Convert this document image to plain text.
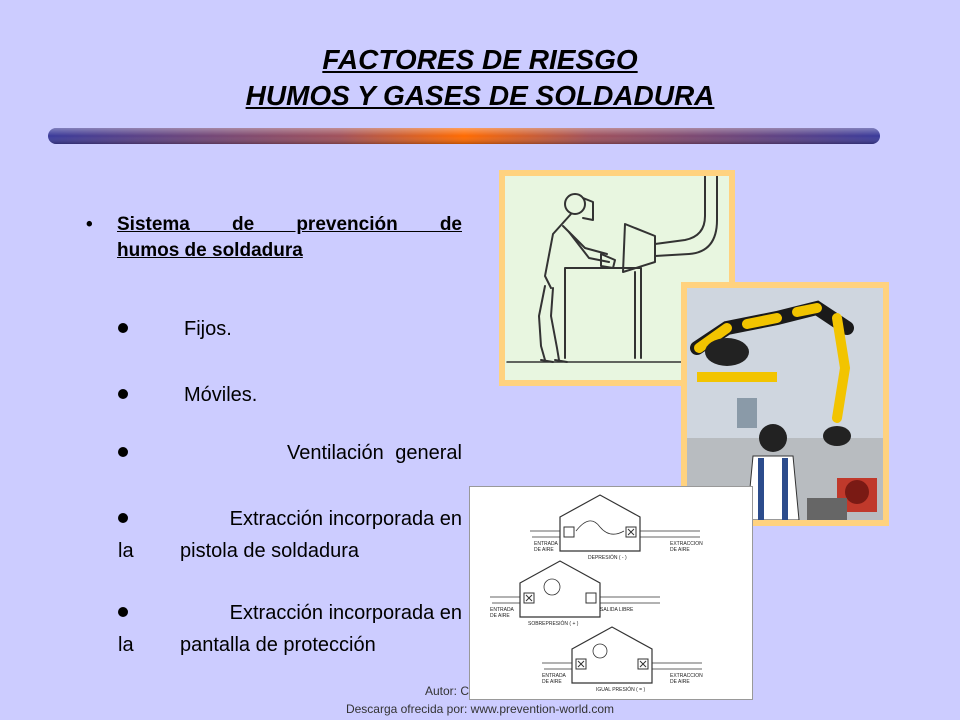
FACTORES DE RIESGO
HUMOS Y GASES DE SOLDADURA
•	Sistema de prevención de
humos de soldadura
Fijos.
Móviles.
Ventilación general
Extracción incorporada en
la pistola de soldadura
Extracción incorporada en
la pantalla de protección
ENTRADA
DE AIRE
EXTRACCION
DE AIRE
DEPRESIÓN ( - )
ENTRADA
DE AIRE
SALIDA LIBRE
SOBREPRESIÓN ( + )
ENTRADA
DE AIRE
EXTRACCION
DE AIRE
IGUAL PRESIÓN ( = )
Autor: C
Descarga ofrecida por: www.prevention-world.com
